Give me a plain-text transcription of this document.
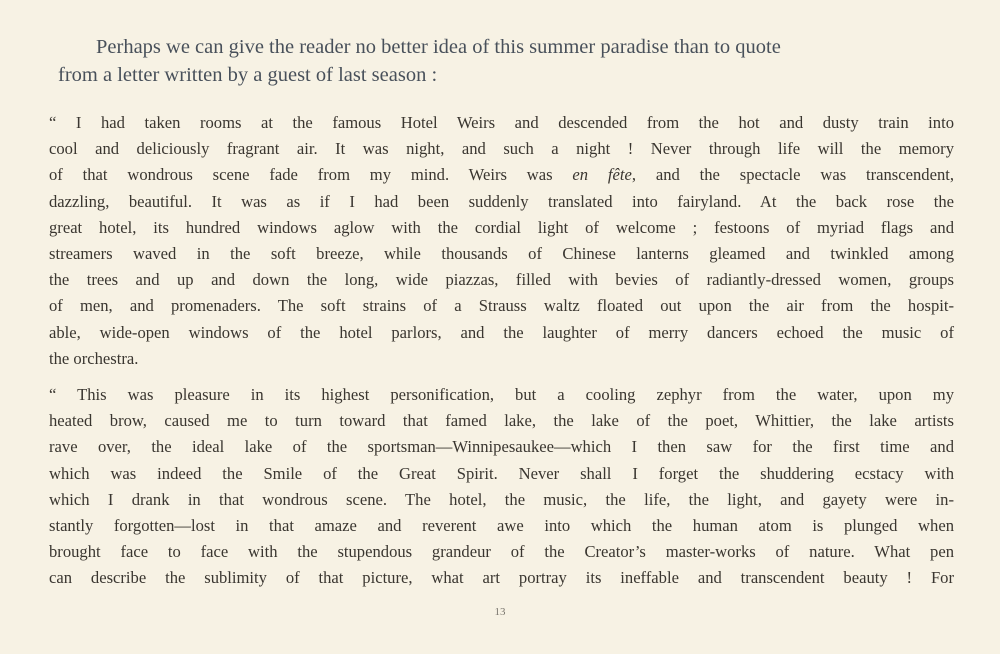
Perhaps we can give the reader no better idea of this summer paradise than to quote
from a letter written by a guest of last season :
“ I had taken rooms at the famous Hotel Weirs and descended from the hot and dusty train into
cool and deliciously fragrant air. It was night, and such a night ! Never through life will the memory
of that wondrous scene fade from my mind. Weirs was en fête, and the spectacle was transcendent,
dazzling, beautiful. It was as if I had been suddenly translated into fairyland. At the back rose the
great hotel, its hundred windows aglow with the cordial light of welcome ; festoons of myriad flags and
streamers waved in the soft breeze, while thousands of Chinese lanterns gleamed and twinkled among
the trees and up and down the long, wide piazzas, filled with bevies of radiantly-dressed women, groups
of men, and promenaders. The soft strains of a Strauss waltz floated out upon the air from the hospit-
able, wide-open windows of the hotel parlors, and the laughter of merry dancers echoed the music of
the orchestra.
“ This was pleasure in its highest personification, but a cooling zephyr from the water, upon my
heated brow, caused me to turn toward that famed lake, the lake of the poet, Whittier, the lake artists
rave over, the ideal lake of the sportsman—Winnipesaukee—which I then saw for the first time and
which was indeed the Smile of the Great Spirit. Never shall I forget the shuddering ecstacy with
which I drank in that wondrous scene. The hotel, the music, the life, the light, and gayety were in-
stantly forgotten—lost in that amaze and reverent awe into which the human atom is plunged when
brought face to face with the stupendous grandeur of the Creator’s master-works of nature. What pen
can describe the sublimity of that picture, what art portray its ineffable and transcendent beauty ! For
13
